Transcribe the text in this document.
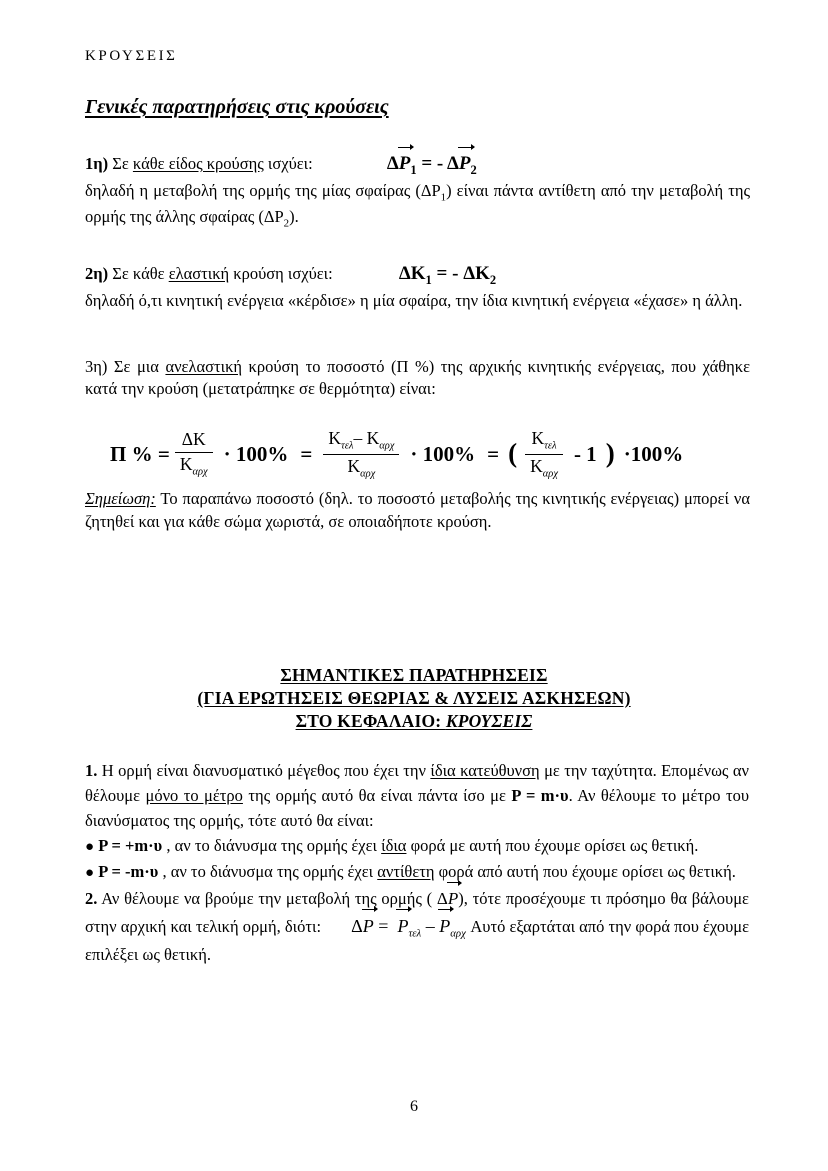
ΚΡΟΥΣΕΙΣ
Γενικές παρατηρήσεις στις κρούσεις
1η) Σε κάθε είδος κρούσης ισχύει:	$\Delta P_1$ = - $\Delta P_2$
δηλαδή η μεταβολή της ορμής της μίας σφαίρας $(\Delta P_1)$ είναι πάντα αντίθετη από την μεταβολή της ορμής της άλλης σφαίρας $(\Delta P_2)$.
2η) Σε κάθε ελαστική κρούση ισχύει:	$\Delta K_1$ = - $\Delta K_2$
δηλαδή ό,τι κινητική ενέργεια «κέρδισε» η μία σφαίρα, την ίδια κινητική ενέργεια «έχασε» η άλλη.
3η) Σε μια ανελαστική κρούση το ποσοστό (Π %) της αρχικής κινητικής ενέργειας, που χάθηκε κατά την κρούση (μετατράπηκε σε θερμότητα) είναι:
Π % = $\frac{\Delta K}{K_{\alpha\rho\chi}} \cdot 100\% = \frac{K_{\tau\varepsilon\lambda}- K_{\alpha\rho\chi}}{K_{\alpha\rho\chi}} \cdot 100\%$ = ( $\frac{K_{\tau\varepsilon\lambda}}{K_{\alpha\rho\chi}} - 1$ ) ·100%
Σημείωση: Το παραπάνω ποσοστό (δηλ. το ποσοστό μεταβολής της κινητικής ενέργειας) μπορεί να ζητηθεί και για κάθε σώμα χωριστά, σε οποιαδήποτε κρούση.
ΣΗΜΑΝΤΙΚΕΣ ΠΑΡΑΤΗΡΗΣΕΙΣ
(ΓΙΑ ΕΡΩΤΗΣΕΙΣ ΘΕΩΡΙΑΣ & ΛΥΣΕΙΣ ΑΣΚΗΣΕΩΝ)
ΣΤΟ ΚΕΦΑΛΑΙΟ: ΚΡΟΥΣΕΙΣ

1. Η ορμή είναι διανυσματικό μέγεθος που έχει την ίδια κατεύθυνση με την ταχύτητα. Επομένως αν θέλουμε μόνο το μέτρο της ορμής αυτό θα είναι πάντα ίσο με P = m·υ. Αν θέλουμε το μέτρο του διανύσματος της ορμής, τότε αυτό θα είναι:

● P = +m·υ , αν το διάνυσμα της ορμής έχει ίδια φορά με αυτή που έχουμε ορίσει ως θετική.

● P = -m·υ , αν το διάνυσμα της ορμής έχει αντίθετη φορά από αυτή που έχουμε ορίσει ως θετική.

2. Αν θέλουμε να βρούμε την μεταβολή της ορμής ( ΔP), τότε προσέχουμε τι πρόσημο θα βάλουμε στην αρχική και τελική ορμή, διότι: $\Delta P = P_{\tau\varepsilon\lambda} - P_{\alpha\rho\chi}$ Αυτό εξαρτάται από την φορά που έχουμε επιλέξει ως θετική.

6
